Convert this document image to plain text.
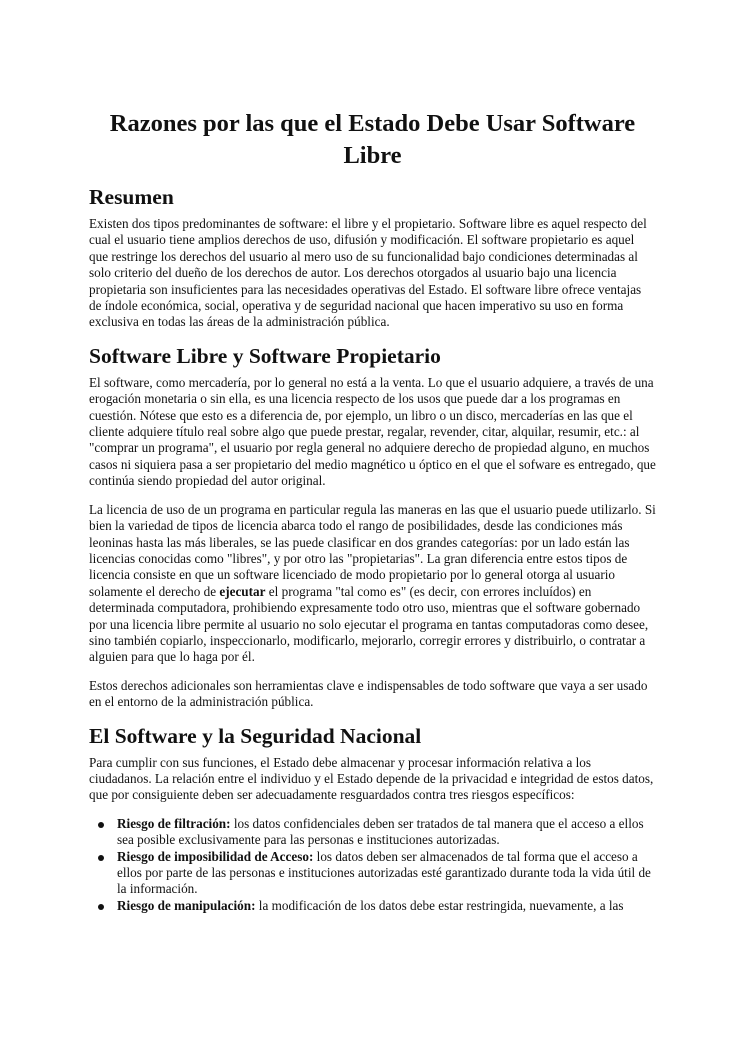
Razones por las que el Estado Debe Usar Software Libre
Resumen

Existen dos tipos predominantes de software: el libre y el propietario. Software libre es aquel respecto del cual el usuario tiene amplios derechos de uso, difusión y modificación. El software propietario es aquel que restringe los derechos del usuario al mero uso de su funcionalidad bajo condiciones determinadas al solo criterio del dueño de los derechos de autor. Los derechos otorgados al usuario bajo una licencia propietaria son insuficientes para las necesidades operativas del Estado. El software libre ofrece ventajas de índole económica, social, operativa y de seguridad nacional que hacen imperativo su uso en forma exclusiva en todas las áreas de la administración pública.

Software Libre y Software Propietario

El software, como mercadería, por lo general no está a la venta. Lo que el usuario adquiere, a través de una erogación monetaria o sin ella, es una licencia respecto de los usos que puede dar a los programas en cuestión. Nótese que esto es a diferencia de, por ejemplo, un libro o un disco, mercaderías en las que el cliente adquiere título real sobre algo que puede prestar, regalar, revender, citar, alquilar, resumir, etc.: al "comprar un programa", el usuario por regla general no adquiere derecho de propiedad alguno, en muchos casos ni siquiera pasa a ser propietario del medio magnético u óptico en el que el sofware es entregado, que continúa siendo propiedad del autor original.

La licencia de uso de un programa en particular regula las maneras en las que el usuario puede utilizarlo. Si bien la variedad de tipos de licencia abarca todo el rango de posibilidades, desde las condiciones más leoninas hasta las más liberales, se las puede clasificar en dos grandes categorías: por un lado están las licencias conocidas como "libres", y por otro las "propietarias". La gran diferencia entre estos tipos de licencia consiste en que un software licenciado de modo propietario por lo general otorga al usuario solamente el derecho de ejecutar el programa "tal como es" (es decir, con errores incluídos) en determinada computadora, prohibiendo expresamente todo otro uso, mientras que el software gobernado por una licencia libre permite al usuario no solo ejecutar el programa en tantas computadoras como desee, sino también copiarlo, inspeccionarlo, modificarlo, mejorarlo, corregir errores y distribuirlo, o contratar a alguien para que lo haga por él.

Estos derechos adicionales son herramientas clave e indispensables de todo software que vaya a ser usado en el entorno de la administración pública.

El Software y la Seguridad Nacional

Para cumplir con sus funciones, el Estado debe almacenar y procesar información relativa a los ciudadanos. La relación entre el individuo y el Estado depende de la privacidad e integridad de estos datos, que por consiguiente deben ser adecuadamente resguardados contra tres riesgos específicos:

Riesgo de filtración: los datos confidenciales deben ser tratados de tal manera que el acceso a ellos sea posible exclusivamente para las personas e instituciones autorizadas.
Riesgo de imposibilidad de Acceso: los datos deben ser almacenados de tal forma que el acceso a ellos por parte de las personas e instituciones autorizadas esté garantizado durante toda la vida útil de la información.
Riesgo de manipulación: la modificación de los datos debe estar restringida, nuevamente, a las
